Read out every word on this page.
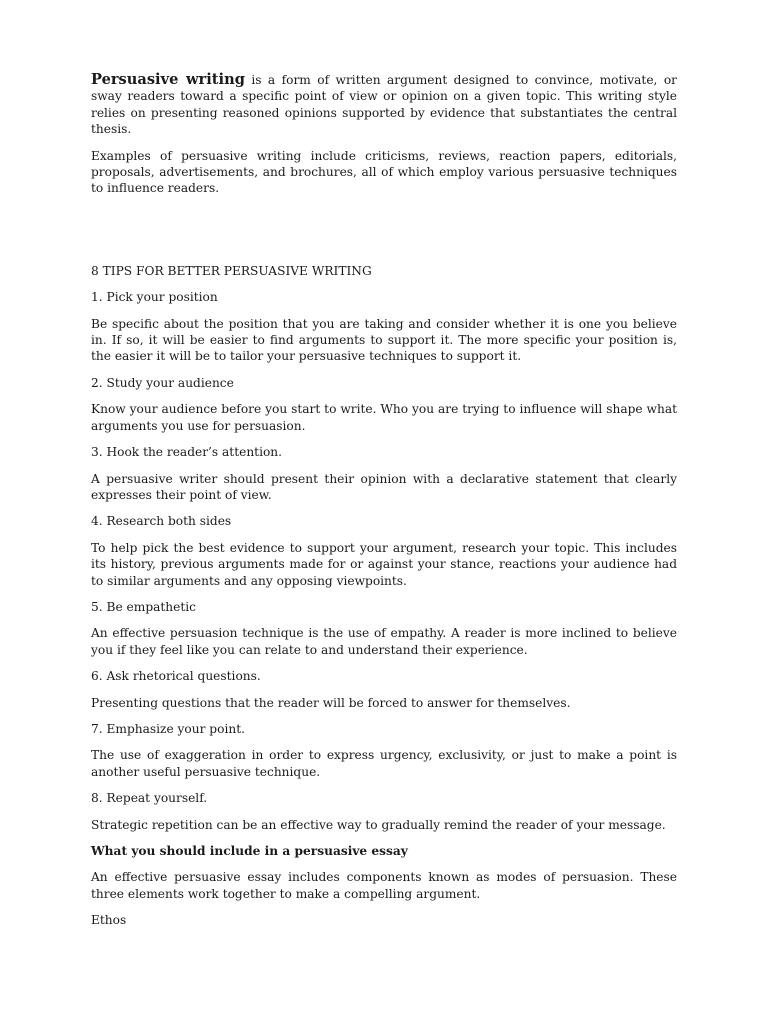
Persuasive writing is a form of written argument designed to convince, motivate, or sway readers toward a specific point of view or opinion on a given topic. This writing style relies on presenting reasoned opinions supported by evidence that substantiates the central thesis.

Examples of persuasive writing include criticisms, reviews, reaction papers, editorials, proposals, advertisements, and brochures, all of which employ various persuasive techniques to influence readers.

8 TIPS FOR BETTER PERSUASIVE WRITING

1. Pick your position

Be specific about the position that you are taking and consider whether it is one you believe in. If so, it will be easier to find arguments to support it. The more specific your position is, the easier it will be to tailor your persuasive techniques to support it.

2. Study your audience

Know your audience before you start to write. Who you are trying to influence will shape what arguments you use for persuasion.

3. Hook the reader’s attention.

A persuasive writer should present their opinion with a declarative statement that clearly expresses their point of view.

4. Research both sides

To help pick the best evidence to support your argument, research your topic. This includes its history, previous arguments made for or against your stance, reactions your audience had to similar arguments and any opposing viewpoints.

5. Be empathetic

An effective persuasion technique is the use of empathy. A reader is more inclined to believe you if they feel like you can relate to and understand their experience.

6. Ask rhetorical questions.

Presenting questions that the reader will be forced to answer for themselves.

7. Emphasize your point.

The use of exaggeration in order to express urgency, exclusivity, or just to make a point is another useful persuasive technique.

8. Repeat yourself.

Strategic repetition can be an effective way to gradually remind the reader of your message.

What you should include in a persuasive essay

An effective persuasive essay includes components known as modes of persuasion. These three elements work together to make a compelling argument.

Ethos
